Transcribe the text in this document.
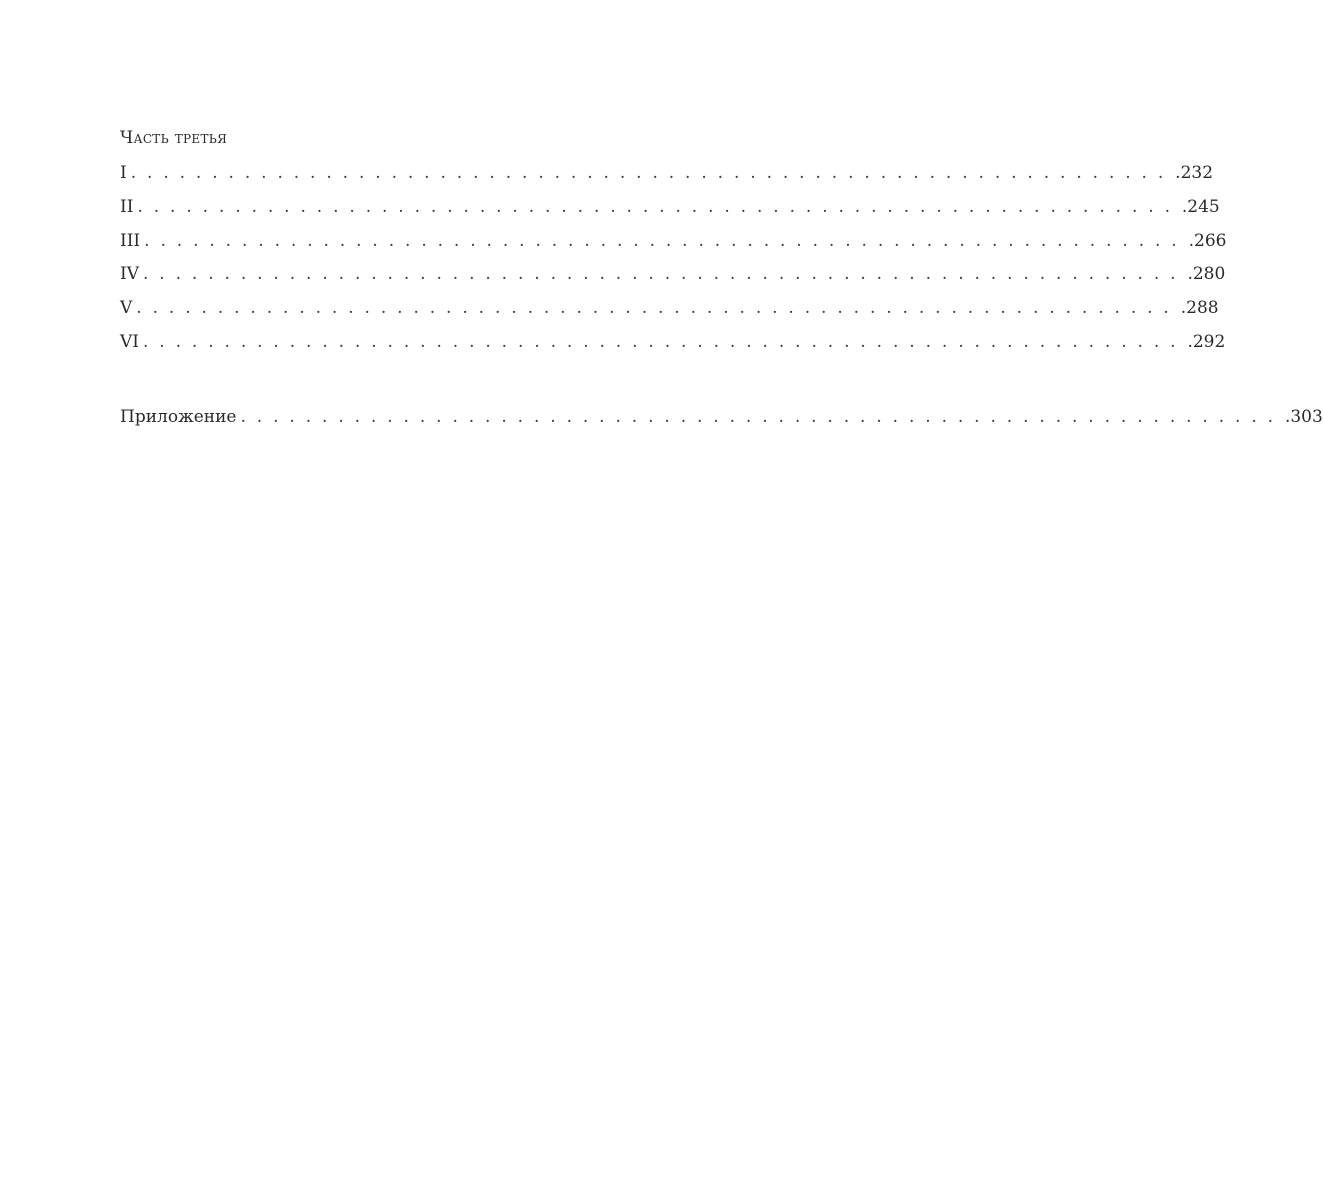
Часть третья
I ................................................................ .232
II ................................................................ .245
III ................................................................ .266
IV ................................................................ .280
V ................................................................ .288
VI ................................................................ .292
Приложение ................................................................ .303
